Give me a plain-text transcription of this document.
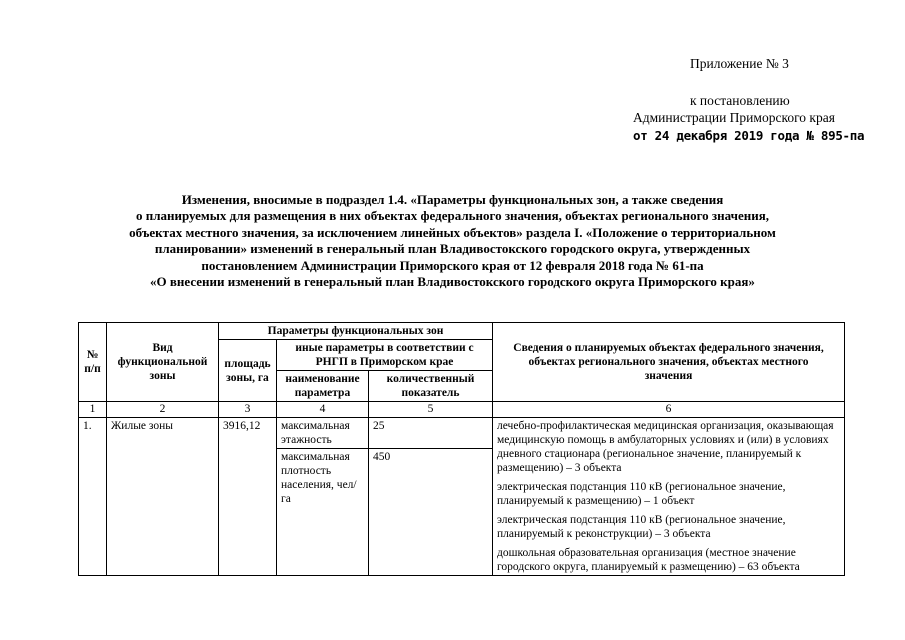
Приложение № 3
к постановлению
Администрации Приморского края
от 24 декабря 2019 года № 895-па
Изменения, вносимые в подраздел 1.4. «Параметры функциональных зон, а также сведения
о планируемых для размещения в них объектах федерального значения, объектах регионального значения,
объектах местного значения, за исключением линейных объектов» раздела I. «Положение о территориальном
планировании» изменений в генеральный план Владивостокского городского округа, утвержденных
постановлением Администрации Приморского края от 12 февраля 2018 года № 61-па
«О внесении изменений в генеральный план Владивостокского городского округа Приморского края»
№ п/п	Вид функциональной зоны	Параметры функциональных зон			Сведения о планируемых объектах федерального значения, объектах регионального значения, объектах местного значения
		площадь зоны, га	иные параметры в соответствии с РНГП в Приморском крае		
			наименование параметра	количественный показатель	
1	2	3	4	5	6
1.	Жилые зоны	3916,12	максимальная этажность	25	лечебно-профилактическая медицинская организация, оказывающая медицинскую помощь в амбулаторных условиях и (или) в условиях дневного стационара (региональное значение, планируемый к размещению) – 3 объекта

электрическая подстанция 110 кВ (региональное значение, планируемый к размещению) – 1 объект

электрическая подстанция 110 кВ (региональное значение, планируемый к реконструкции) – 3 объекта

дошкольная образовательная организация (местное значение городского округа, планируемый к размещению) – 63 объекта

			максимальная плотность населения, чел/га	450	
